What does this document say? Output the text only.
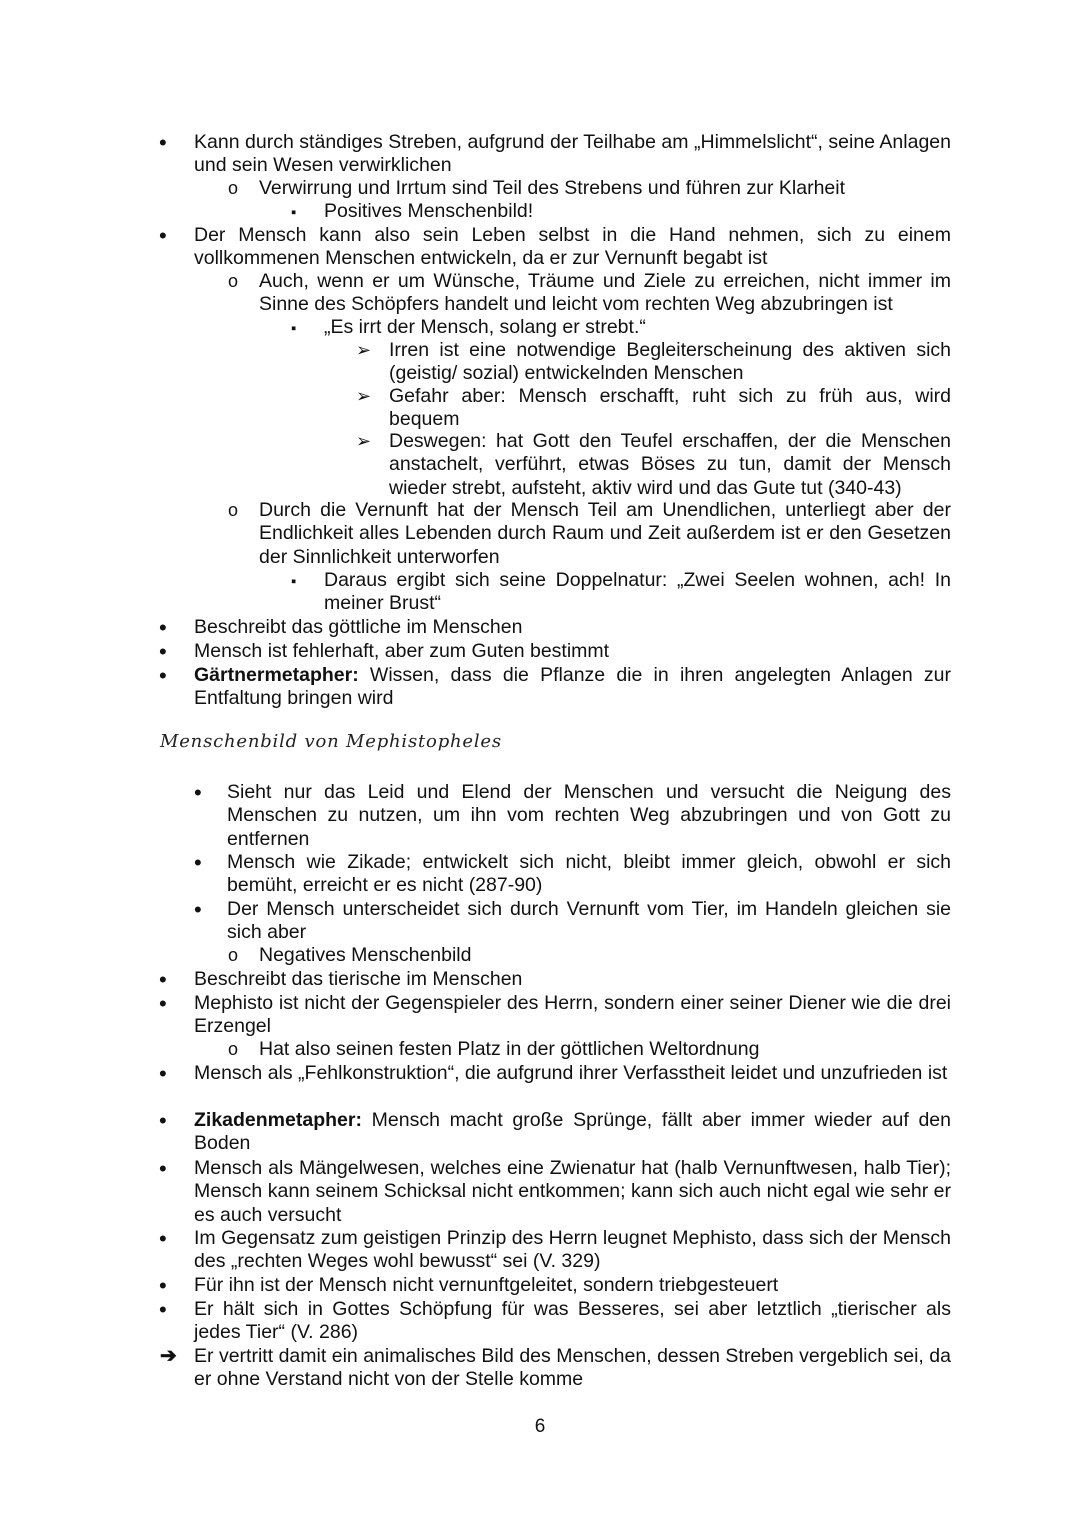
•
Kann durch ständiges Streben, aufgrund der Teilhabe am „Himmelslicht“, seine Anlagen und sein Wesen verwirklichen
o
Verwirrung und Irrtum sind Teil des Strebens und führen zur Klarheit
▪
Positives Menschenbild!
•
Der Mensch kann also sein Leben selbst in die Hand nehmen, sich zu einem vollkommenen Menschen entwickeln, da er zur Vernunft begabt ist
o
Auch, wenn er um Wünsche, Träume und Ziele zu erreichen, nicht immer im Sinne des Schöpfers handelt und leicht vom rechten Weg abzubringen ist
▪
„Es irrt der Mensch, solang er strebt.“
➢
Irren ist eine notwendige Begleiterscheinung des aktiven sich (geistig/ sozial) entwickelnden Menschen
➢
Gefahr aber: Mensch erschafft, ruht sich zu früh aus, wird bequem
➢
Deswegen: hat Gott den Teufel erschaffen, der die Menschen anstachelt, verführt, etwas Böses zu tun, damit der Mensch wieder strebt, aufsteht, aktiv wird und das Gute tut (340-43)
o
Durch die Vernunft hat der Mensch Teil am Unendlichen, unterliegt aber der Endlichkeit alles Lebenden durch Raum und Zeit außerdem ist er den Gesetzen der Sinnlichkeit unterworfen
▪
Daraus ergibt sich seine Doppelnatur: „Zwei Seelen wohnen, ach! In meiner Brust“
•
Beschreibt das göttliche im Menschen
•
Mensch ist fehlerhaft, aber zum Guten bestimmt
•
Gärtnermetapher: Wissen, dass die Pflanze die in ihren angelegten Anlagen zur Entfaltung bringen wird
Menschenbild von Mephistopheles
•
Sieht nur das Leid und Elend der Menschen und versucht die Neigung des Menschen zu nutzen, um ihn vom rechten Weg abzubringen und von Gott zu entfernen
•
Mensch wie Zikade; entwickelt sich nicht, bleibt immer gleich, obwohl er sich bemüht, erreicht er es nicht (287-90)
•
Der Mensch unterscheidet sich durch Vernunft vom Tier, im Handeln gleichen sie sich aber
o
Negatives Menschenbild
•
Beschreibt das tierische im Menschen
•
Mephisto ist nicht der Gegenspieler des Herrn, sondern einer seiner Diener wie die drei Erzengel
o
Hat also seinen festen Platz in der göttlichen Weltordnung
•
Mensch als „Fehlkonstruktion“, die aufgrund ihrer Verfasstheit leidet und unzufrieden ist
•
Zikadenmetapher: Mensch macht große Sprünge, fällt aber immer wieder auf den Boden
•
Mensch als Mängelwesen, welches eine Zwienatur hat (halb Vernunftwesen, halb Tier); Mensch kann seinem Schicksal nicht entkommen; kann sich auch nicht egal wie sehr er es auch versucht
•
Im Gegensatz zum geistigen Prinzip des Herrn leugnet Mephisto, dass sich der Mensch des „rechten Weges wohl bewusst“ sei (V. 329)
•
Für ihn ist der Mensch nicht vernunftgeleitet, sondern triebgesteuert
•
Er hält sich in Gottes Schöpfung für was Besseres, sei aber letztlich „tierischer als jedes Tier“ (V. 286)
➔
Er vertritt damit ein animalisches Bild des Menschen, dessen Streben vergeblich sei, da er ohne Verstand nicht von der Stelle komme
6
